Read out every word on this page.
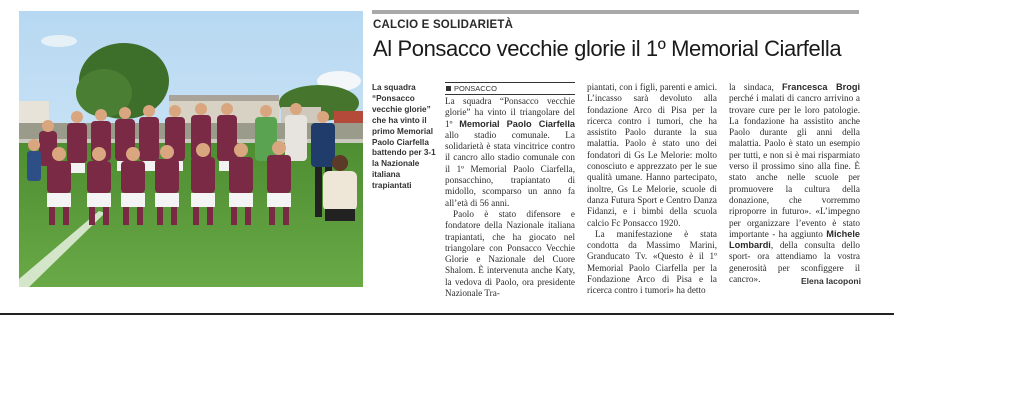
CALCIO E SOLIDARIETÀ
Al Ponsacco vecchie glorie il 1º Memorial Ciarfella
La squadra “Ponsacco vecchie glorie” che ha vinto il primo Memorial Paolo Ciarfella battendo per 3-1 la Nazionale italiana trapiantati
PONSACCO

La squadra “Ponsacco vecchie glorie” ha vinto il triangolare del 1º Memorial Paolo Ciarfella allo stadio comunale. La solidarietà è stata vincitrice contro il cancro allo stadio comunale con il 1º Memorial Paolo Ciarfella, ponsacchino, trapiantato di midollo, scomparso un anno fa all’età di 56 anni.

Paolo è stato difensore e fondatore della Nazionale italiana trapiantati, che ha giocato nel triangolare con Ponsacco Vecchie Glorie e Nazionale del Cuore Shalom. È intervenuta anche Katy, la vedova di Paolo, ora presidente Nazionale Tra-

piantati, con i figli, parenti e amici. L’incasso sarà devoluto alla fondazione Arco di Pisa per la ricerca contro i tumori, che ha assistito Paolo durante la sua malattia. Paolo è stato uno dei fondatori di Gs Le Melorie: molto conosciuto e apprezzato per le sue qualità umane. Hanno partecipato, inoltre, Gs Le Melorie, scuole di danza Futura Sport e Centro Danza Fidanzi, e i bimbi della scuola calcio Fc Ponsacco 1920.

La manifestazione è stata condotta da Massimo Marini, Granducato Tv. «Questo è il 1º Memorial Paolo Ciarfella per la Fondazione Arco di Pisa e la ricerca contro i tumori» ha detto

la sindaca, Francesca Brogi perché i malati di cancro arrivino a trovare cure per le loro patologie. La fondazione ha assistito anche Paolo durante gli anni della malattia. Paolo è stato un esempio per tutti, e non si è mai risparmiato verso il prossimo sino alla fine. È stato anche nelle scuole per promuovere la cultura della donazione, che vorremmo riproporre in futuro». «L’impegno per organizzare l’evento è stato importante - ha aggiunto Michele Lombardi, della consulta dello sport- ora attendiamo la vostra generosità per sconfiggere il cancro».	Elena Iacoponi
